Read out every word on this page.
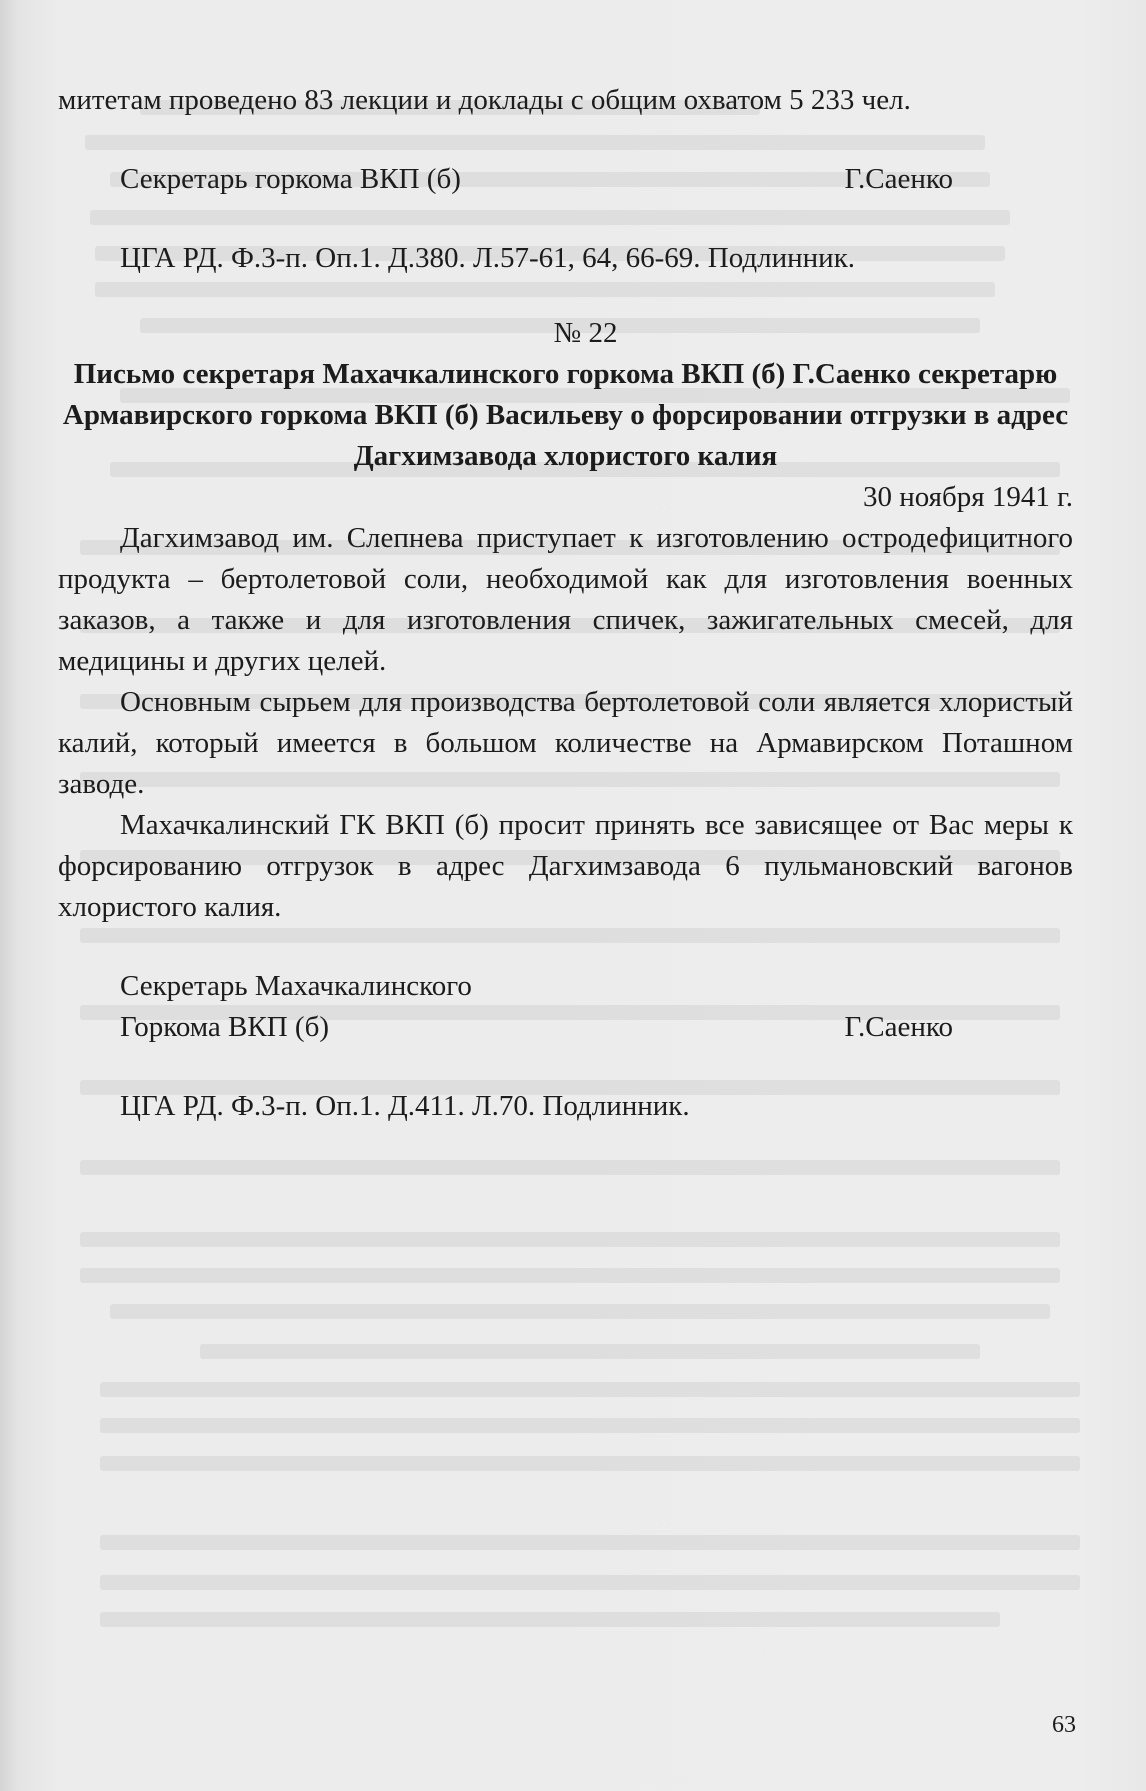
митетам проведено 83 лекции и доклады с общим охватом 5 233 чел.

Секретарь горкома ВКП (б)	Г.Саенко

ЦГА РД. Ф.3-п. Оп.1. Д.380. Л.57-61, 64, 66-69. Подлинник.

№ 22

Письмо секретаря Махачкалинского горкома ВКП (б) Г.Саенко секретарю Армавирского горкома ВКП (б) Васильеву о форсировании отгрузки в адрес Дагхимзавода хлористого калия

30 ноября 1941 г.

Дагхимзавод им. Слепнева приступает к изготовлению остродефицитного продукта – бертолетовой соли, необходимой как для изготовления военных заказов, а также и для изготовления спичек, зажигательных смесей, для медицины и других целей.

Основным сырьем для производства бертолетовой соли является хлористый калий, который имеется в большом количестве на Армавирском Поташном заводе.

Махачкалинский ГК ВКП (б) просит принять все зависящее от Вас меры к форсированию отгрузок в адрес Дагхимзавода 6 пульмановский вагонов хлористого калия.

Секретарь Махачкалинского
Горкома ВКП (б)	Г.Саенко

ЦГА РД. Ф.3-п. Оп.1. Д.411. Л.70. Подлинник.

63
